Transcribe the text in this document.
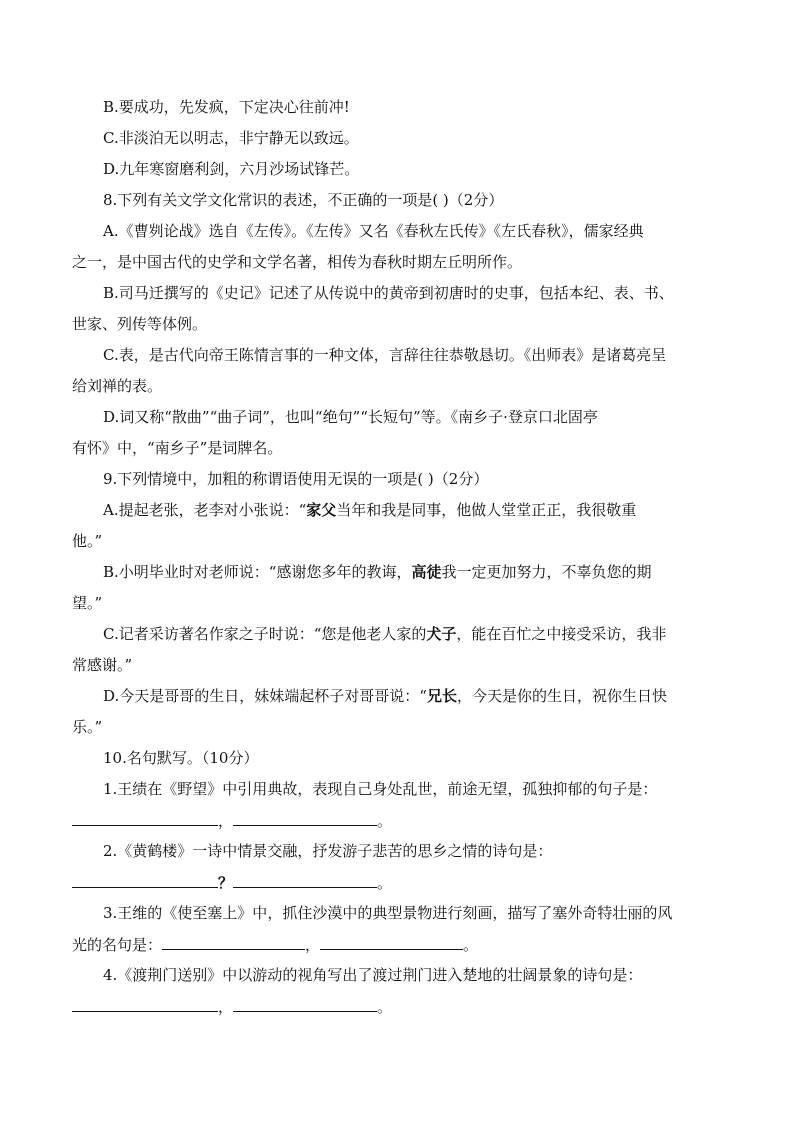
B.要成功，先发疯，下定决心往前冲!
C.非淡泊无以明志，非宁静无以致远。
D.九年寒窗磨利剑，六月沙场试锋芒。
8.下列有关文学文化常识的表述，不正确的一项是( )（2分）
A.《曹刿论战》选自《左传》。《左传》又名《春秋左氏传》《左氏春秋》，儒家经典
之一，是中国古代的史学和文学名著，相传为春秋时期左丘明所作。
B.司马迁撰写的《史记》记述了从传说中的黄帝到初唐时的史事，包括本纪、表、书、
世家、列传等体例。
C.表，是古代向帝王陈情言事的一种文体，言辞往往恭敬恳切。《出师表》是诸葛亮呈
给刘禅的表。
D.词又称“散曲”“曲子词”，也叫“绝句”“长短句”等。《南乡子·登京口北固亭
有怀》中，“南乡子”是词牌名。
9.下列情境中，加粗的称谓语使用无误的一项是( )（2分）
A.提起老张，老李对小张说：“家父当年和我是同事，他做人堂堂正正，我很敬重
他。”
B.小明毕业时对老师说：“感谢您多年的教诲，高徒我一定更加努力，不辜负您的期
望。”
C.记者采访著名作家之子时说：“您是他老人家的犬子，能在百忙之中接受采访，我非
常感谢。”
D.今天是哥哥的生日，妹妹端起杯子对哥哥说：“兄长，今天是你的生日，祝你生日快
乐。”
10.名句默写。（10分）
1.王绩在《野望》中引用典故，表现自己身处乱世，前途无望，孤独抑郁的句子是：
，	。
2.《黄鹤楼》一诗中情景交融，抒发游子悲苦的思乡之情的诗句是：
？	。
3.王维的《使至塞上》中，抓住沙漠中的典型景物进行刻画，描写了塞外奇特壮丽的风
光的名句是：	，	。
4.《渡荆门送别》中以游动的视角写出了渡过荆门进入楚地的壮阔景象的诗句是：
，	。
